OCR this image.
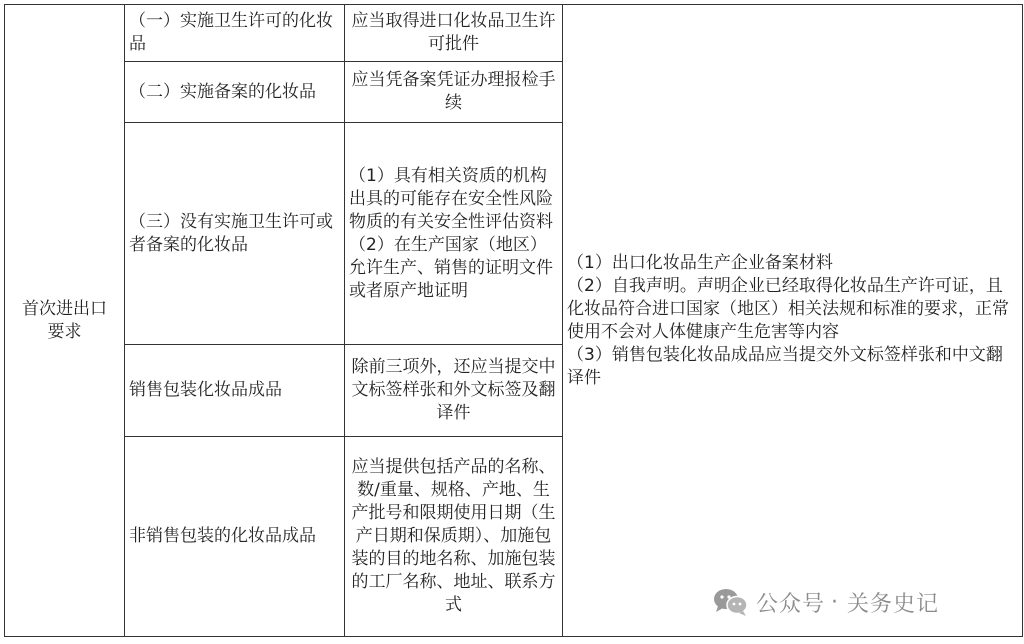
首次进出口要求	（一）实施卫生许可的化妆品	应当取得进口化妆品卫生许可批件	（1）出口化妆品生产企业备案材料
（2）自我声明。声明企业已经取得化妆品生产许可证，且化妆品符合进口国家（地区）相关法规和标准的要求，正常使用不会对人体健康产生危害等内容
（3）销售包装化妆品成品应当提交外文标签样张和中文翻译件

	（二）实施备案的化妆品	应当凭备案凭证办理报检手续	
	（三）没有实施卫生许可或者备案的化妆品	（1）具有相关资质的机构出具的可能存在安全性风险物质的有关安全性评估资料
（2）在生产国家（地区）允许生产、销售的证明文件或者原产地证明	

	销售包装化妆品成品	除前三项外，还应当提交中文标签样张和外文标签及翻译件	
	非销售包装的化妆品成品	应当提供包括产品的名称、数/重量、规格、产地、生产批号和限期使用日期（生产日期和保质期）、加施包装的目的地名称、加施包装的工厂名称、地址、联系方式		公众号 · 关务史记
